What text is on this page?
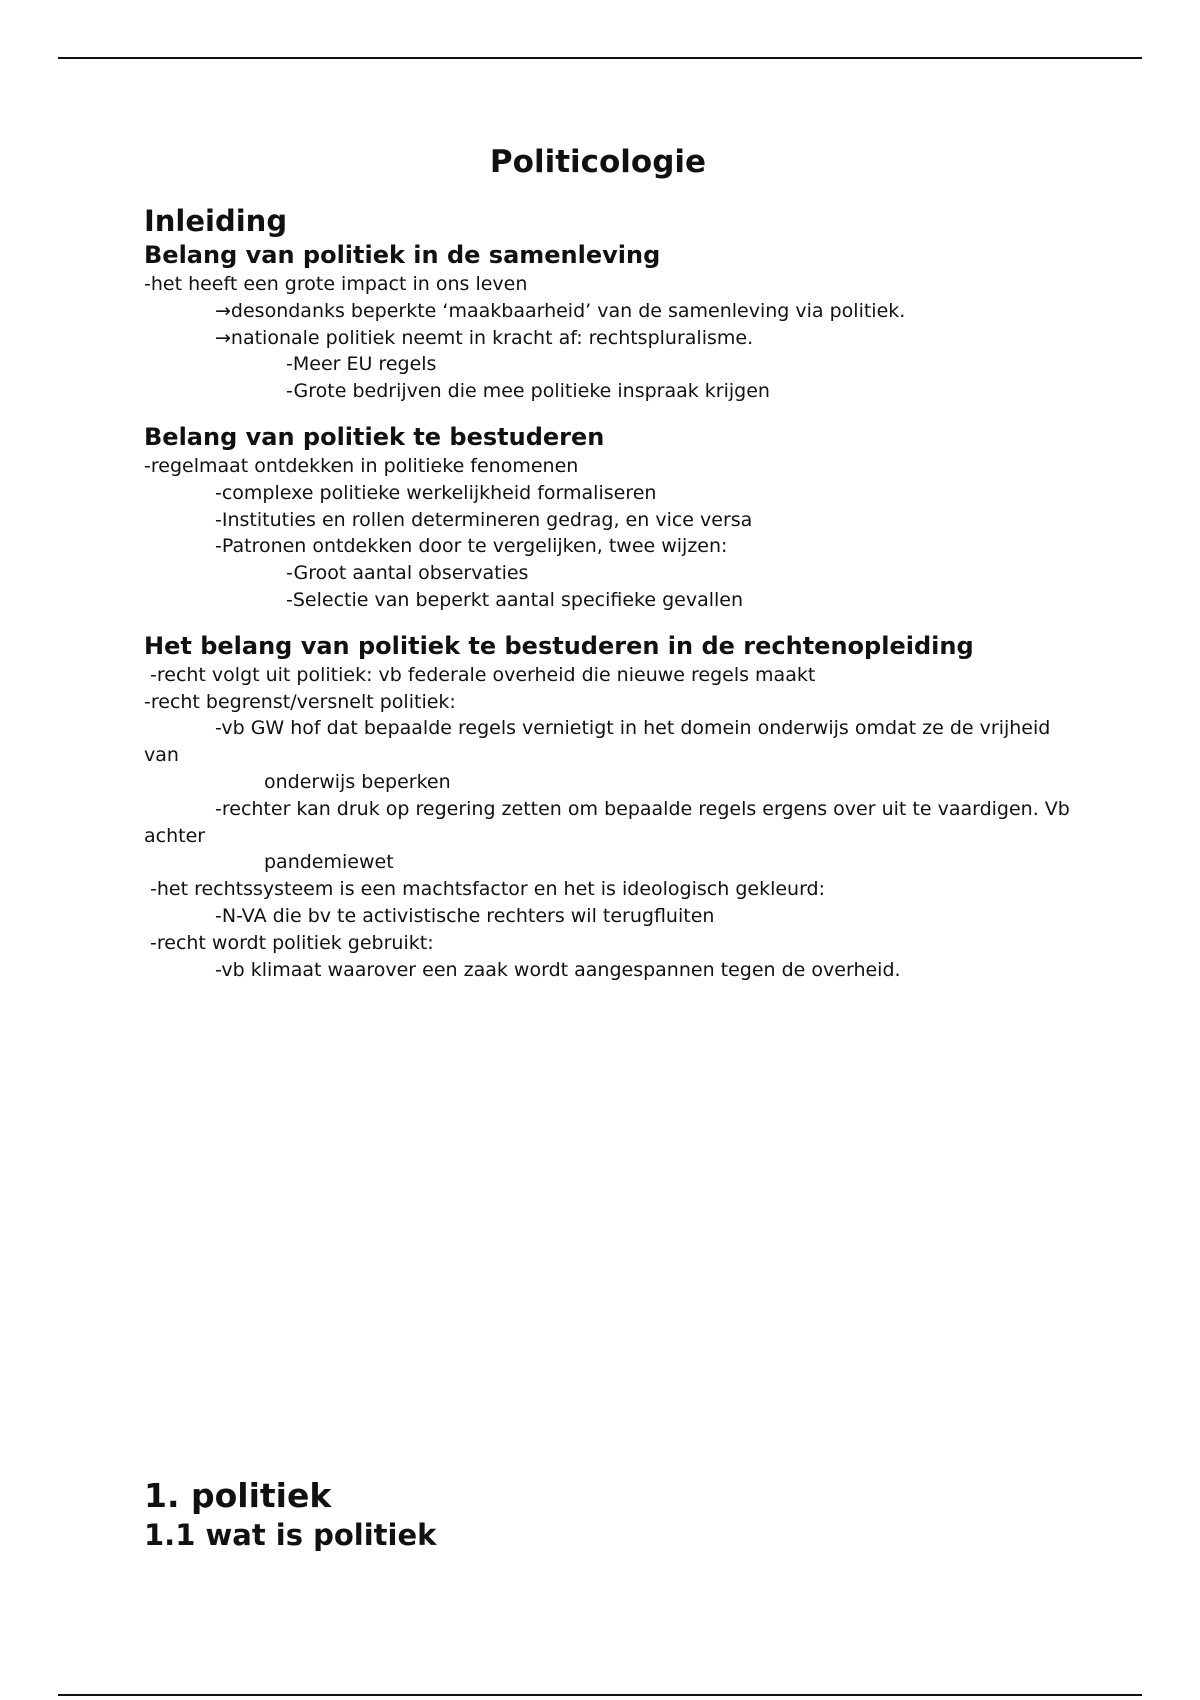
Politicologie
Inleiding
Belang van politiek in de samenleving

-het heeft een grote impact in ons leven

→desondanks beperkte ‘maakbaarheid’ van de samenleving via politiek.

→nationale politiek neemt in kracht af: rechtspluralisme.

-Meer EU regels

-Grote bedrijven die mee politieke inspraak krijgen

Belang van politiek te bestuderen

-regelmaat ontdekken in politieke fenomenen

-complexe politieke werkelijkheid formaliseren

-Instituties en rollen determineren gedrag, en vice versa

-Patronen ontdekken door te vergelijken, twee wijzen:

-Groot aantal observaties

-Selectie van beperkt aantal specifieke gevallen

Het belang van politiek te bestuderen in de rechtenopleiding

-recht volgt uit politiek: vb federale overheid die nieuwe regels maakt

-recht begrenst/versnelt politiek:

-vb GW hof dat bepaalde regels vernietigt in het domein onderwijs omdat ze de vrijheid van

onderwijs beperken

-rechter kan druk op regering zetten om bepaalde regels ergens over uit te vaardigen. Vb achter

pandemiewet

-het rechtssysteem is een machtsfactor en het is ideologisch gekleurd:

-N-VA die bv te activistische rechters wil terugfluiten

-recht wordt politiek gebruikt:

-vb klimaat waarover een zaak wordt aangespannen tegen de overheid.

1. politiek
1.1 wat is politiek
